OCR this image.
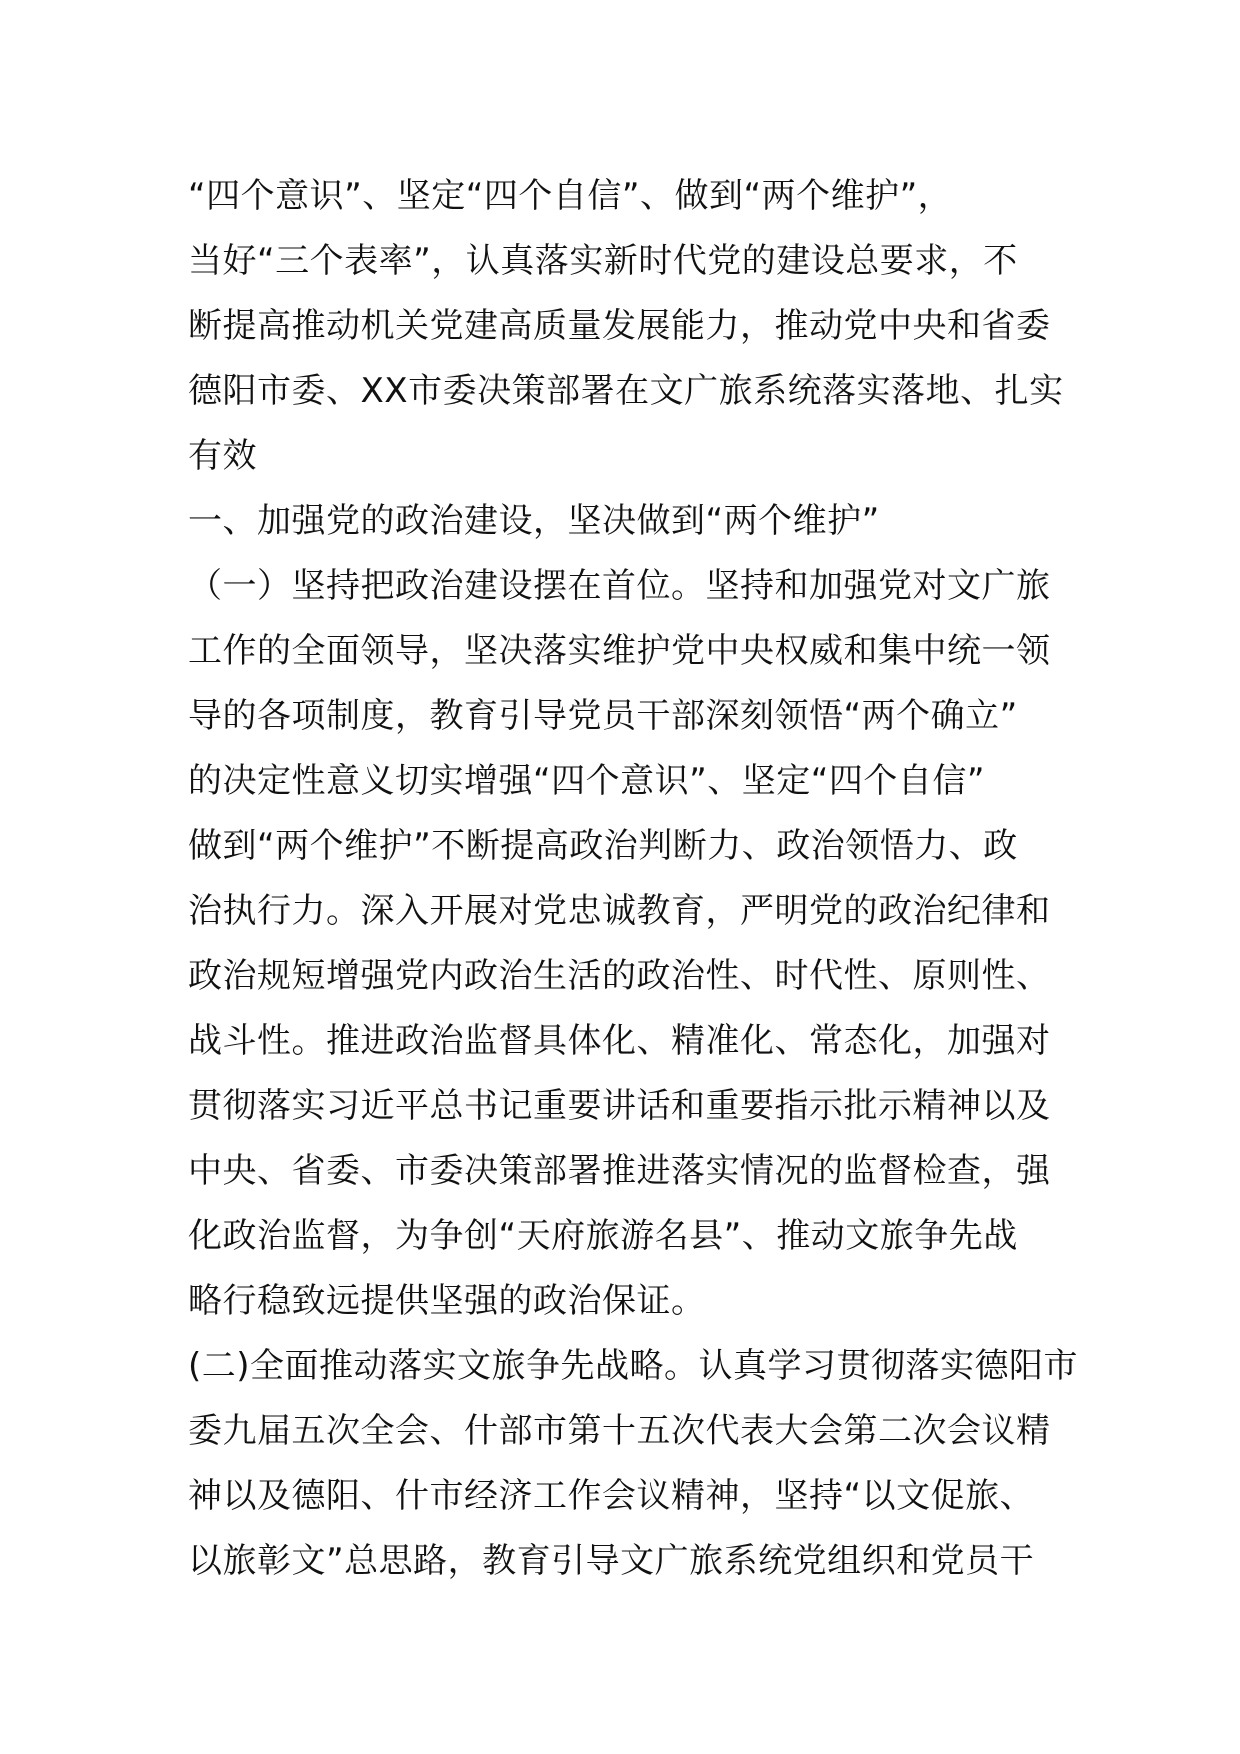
“四个意识”、坚定“四个自信”、做到“两个维护”，
当好“三个表率”，认真落实新时代党的建设总要求，不
断提高推动机关党建高质量发展能力，推动党中央和省委
德阳市委、XX市委决策部署在文广旅系统落实落地、扎实
有效
一、加强党的政治建设，坚决做到“两个维护”
（一）坚持把政治建设摆在首位。坚持和加强党对文广旅
工作的全面领导，坚决落实维护党中央权威和集中统一领
导的各项制度，教育引导党员干部深刻领悟“两个确立”
的决定性意义切实增强“四个意识”、坚定“四个自信”
做到“两个维护”不断提高政治判断力、政治领悟力、政
治执行力。深入开展对党忠诚教育，严明党的政治纪律和
政治规短增强党内政治生活的政治性、时代性、原则性、
战斗性。推进政治监督具体化、精准化、常态化，加强对
贯彻落实习近平总书记重要讲话和重要指示批示精神以及
中央、省委、市委决策部署推进落实情况的监督检查，强
化政治监督，为争创“天府旅游名县”、推动文旅争先战
略行稳致远提供坚强的政治保证。
(二)全面推动落实文旅争先战略。认真学习贯彻落实德阳市
委九届五次全会、什部市第十五次代表大会第二次会议精
神以及德阳、什市经济工作会议精神，坚持“以文促旅、
以旅彰文”总思路，教育引导文广旅系统党组织和党员干
